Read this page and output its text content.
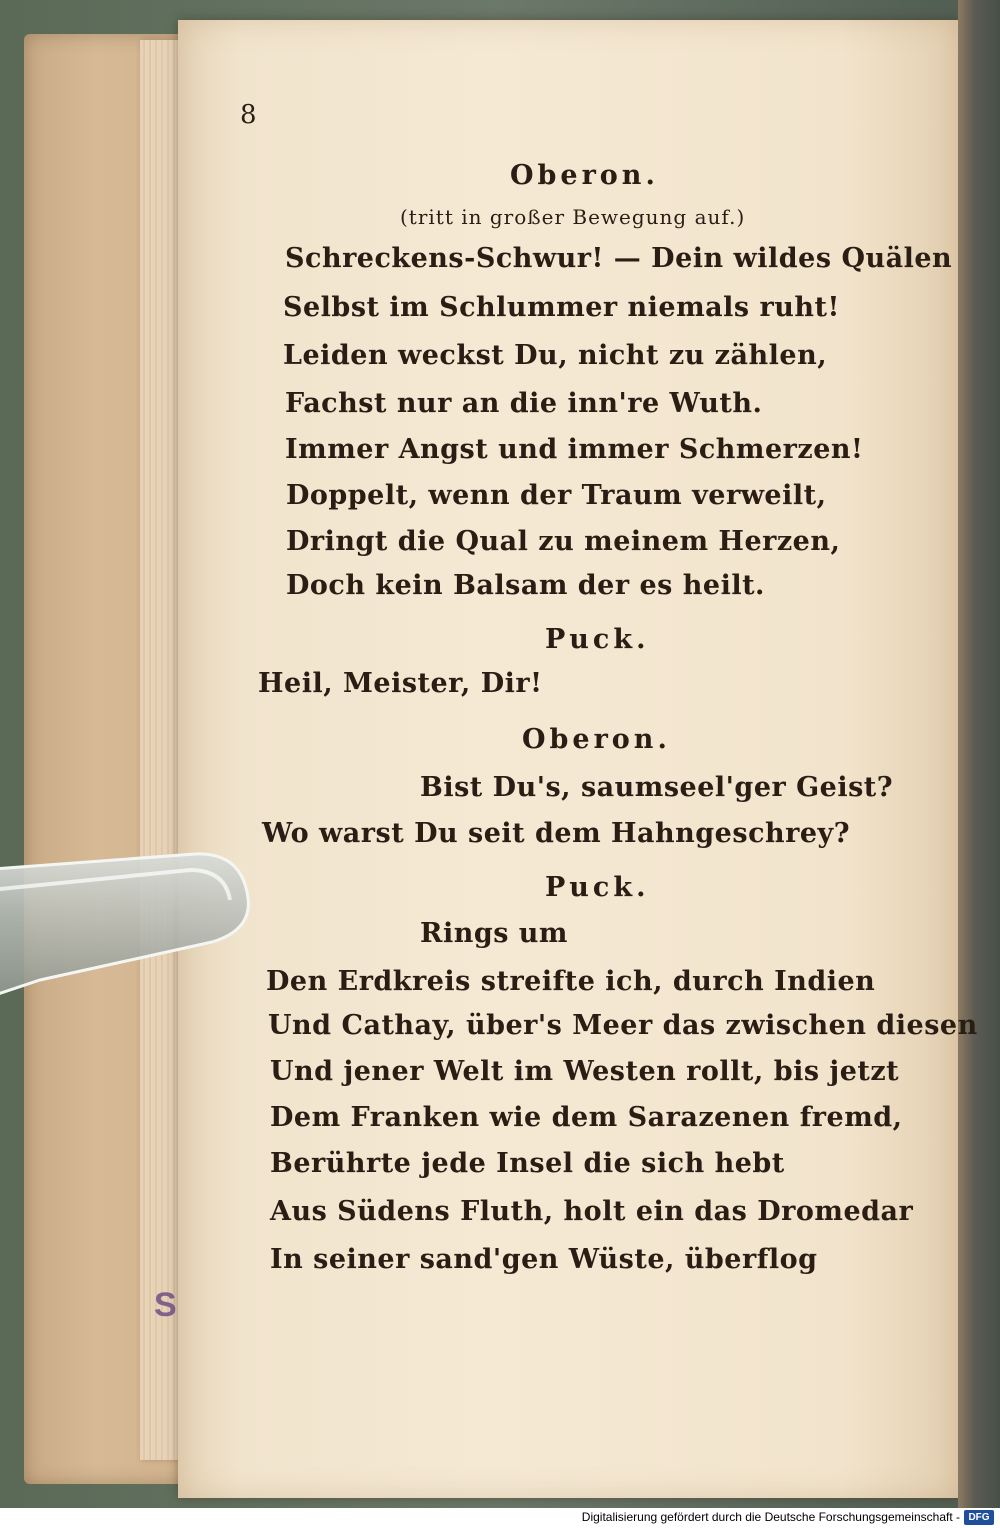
8
Oberon.
(tritt in großer Bewegung auf.)
Schreckens-Schwur! — Dein wildes Quälen
Selbst im Schlummer niemals ruht!
Leiden weckst Du, nicht zu zählen,
Fachst nur an die inn're Wuth.
Immer Angst und immer Schmerzen!
Doppelt, wenn der Traum verweilt,
Dringt die Qual zu meinem Herzen,
Doch kein Balsam der es heilt.
Puck.
Heil, Meister, Dir!
Oberon.
Bist Du's, saumseel'ger Geist?
Wo warst Du seit dem Hahngeschrey?
Puck.
Rings um
Den Erdkreis streifte ich, durch Indien
Und Cathay, über's Meer das zwischen diesen
Und jener Welt im Westen rollt, bis jetzt
Dem Franken wie dem Sarazenen fremd,
Berührte jede Insel die sich hebt
Aus Südens Fluth, holt ein das Dromedar
In seiner sand'gen Wüste, überflog
S
Digitalisierung gefördert durch die Deutsche Forschungsgemeinschaft - DFG
